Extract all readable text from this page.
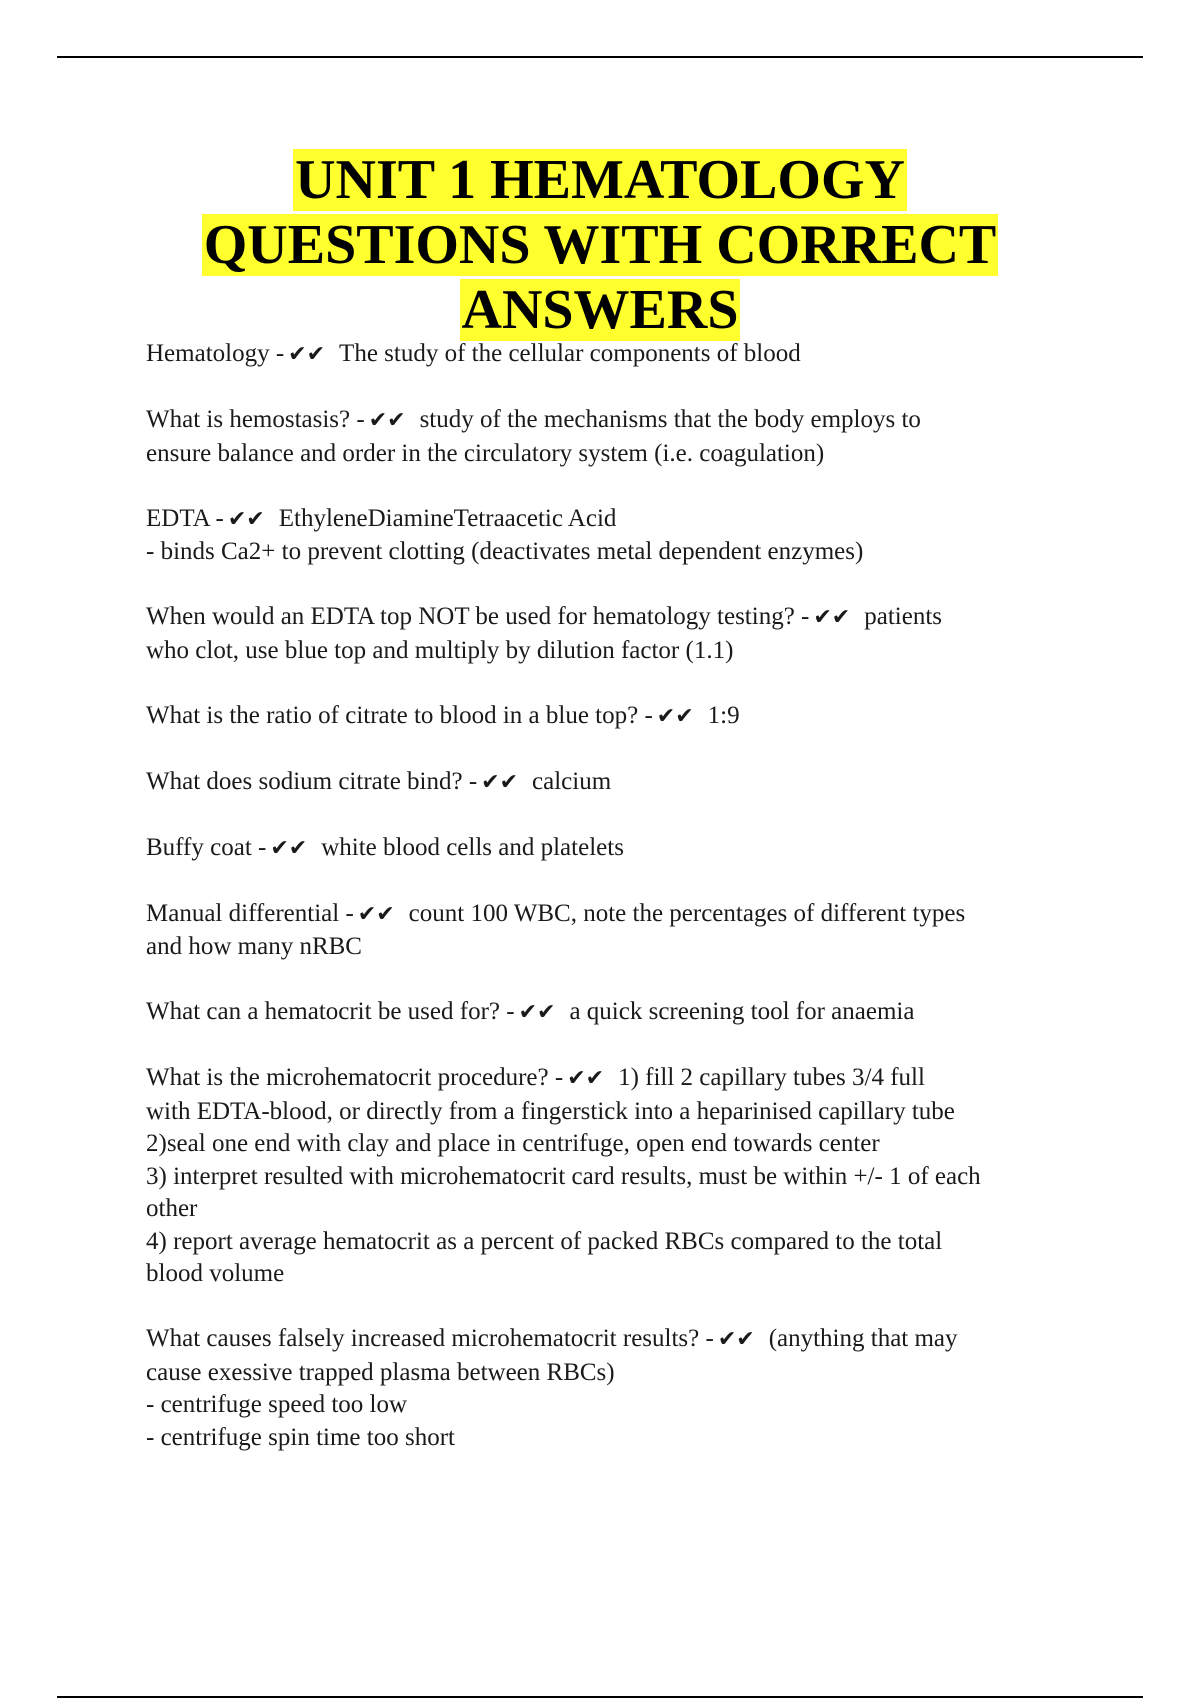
UNIT 1 HEMATOLOGY
QUESTIONS WITH CORRECT
ANSWERS
Hematology - ✔✔ The study of the cellular components of blood
What is hemostasis? - ✔✔ study of the mechanisms that the body employs to
ensure balance and order in the circulatory system (i.e. coagulation)
EDTA - ✔✔ EthyleneDiamineTetraacetic Acid
- binds Ca2+ to prevent clotting (deactivates metal dependent enzymes)
When would an EDTA top NOT be used for hematology testing? - ✔✔ patients
who clot, use blue top and multiply by dilution factor (1.1)
What is the ratio of citrate to blood in a blue top? - ✔✔ 1:9
What does sodium citrate bind? - ✔✔ calcium
Buffy coat - ✔✔ white blood cells and platelets
Manual differential - ✔✔ count 100 WBC, note the percentages of different types
and how many nRBC
What can a hematocrit be used for? - ✔✔ a quick screening tool for anaemia
What is the microhematocrit procedure? - ✔✔ 1) fill 2 capillary tubes 3/4 full
with EDTA-blood, or directly from a fingerstick into a heparinised capillary tube
2)seal one end with clay and place in centrifuge, open end towards center
3) interpret resulted with microhematocrit card results, must be within +/- 1 of each
other
4) report average hematocrit as a percent of packed RBCs compared to the total
blood volume
What causes falsely increased microhematocrit results? - ✔✔ (anything that may
cause exessive trapped plasma between RBCs)
- centrifuge speed too low
- centrifuge spin time too short
